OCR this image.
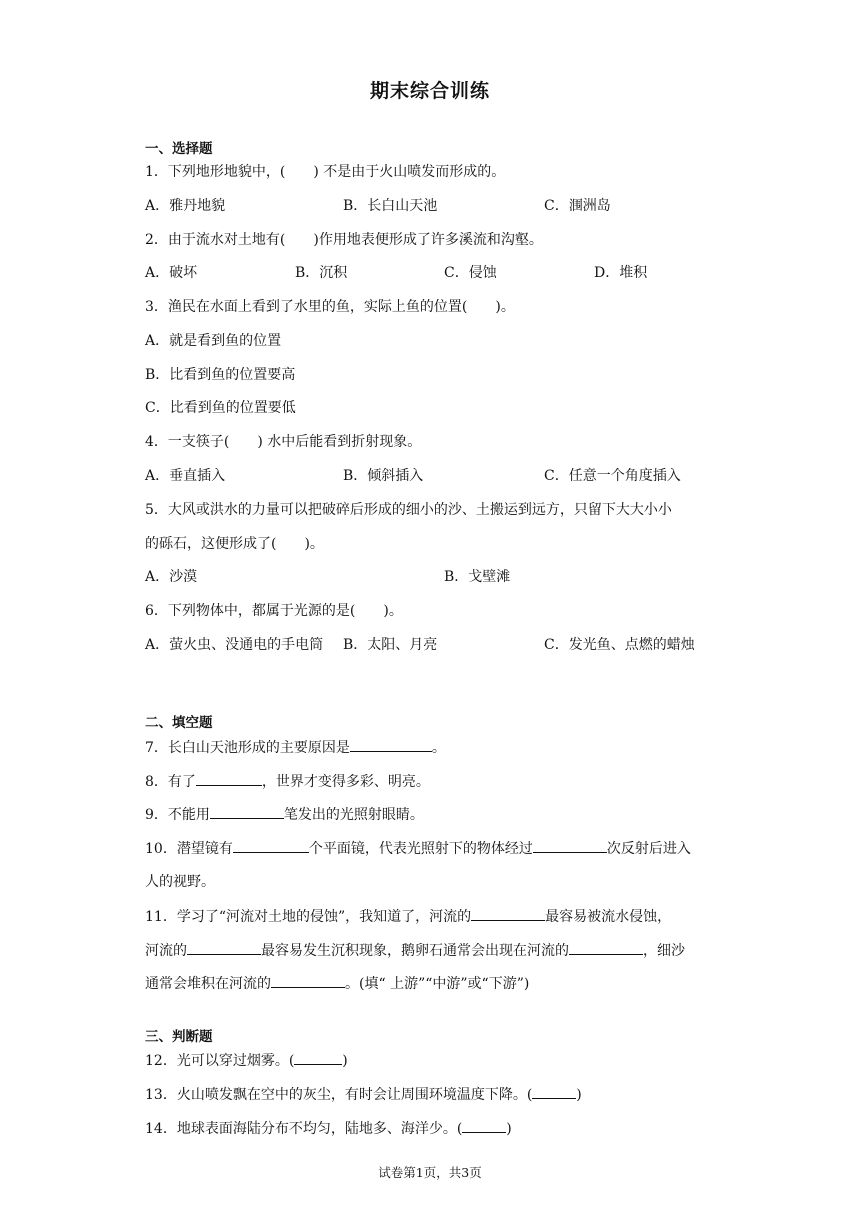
期末综合训练
一、选择题
1．下列地形地貌中，(　　) 不是由于火山喷发而形成的。
A．雅丹地貌	B．长白山天池	C．涠洲岛
2．由于流水对土地有(　　)作用地表便形成了许多溪流和沟壑。
A．破坏	B．沉积	C．侵蚀	D．堆积
3．渔民在水面上看到了水里的鱼，实际上鱼的位置(　　)。
A．就是看到鱼的位置
B．比看到鱼的位置要高
C．比看到鱼的位置要低
4．一支筷子(　　) 水中后能看到折射现象。
A．垂直插入	B．倾斜插入	C．任意一个角度插入
5．大风或洪水的力量可以把破碎后形成的细小的沙、土搬运到远方，只留下大大小小
的砾石，这便形成了(　　)。
A．沙漠	B．戈壁滩
6．下列物体中，都属于光源的是(　　)。
A．萤火虫、没通电的手电筒 B．太阳、月亮	C．发光鱼、点燃的蜡烛
二、填空题
7．长白山天池形成的主要原因是	。
8．有了	，世界才变得多彩、明亮。
9．不能用	笔发出的光照射眼睛。
10．潜望镜有	个平面镜，代表光照射下的物体经过	次反射后进入
人的视野。
11．学习了“河流对土地的侵蚀”，我知道了，河流的	最容易被流水侵蚀，
河流的	最容易发生沉积现象，鹅卵石通常会出现在河流的	，细沙
通常会堆积在河流的	。(填“ 上游”“中游”或“下游”)
三、判断题
12．光可以穿过烟雾。(	)
13．火山喷发飘在空中的灰尘，有时会让周围环境温度下降。(	)
14．地球表面海陆分布不均匀，陆地多、海洋少。(	)
试卷第1页，共3页
